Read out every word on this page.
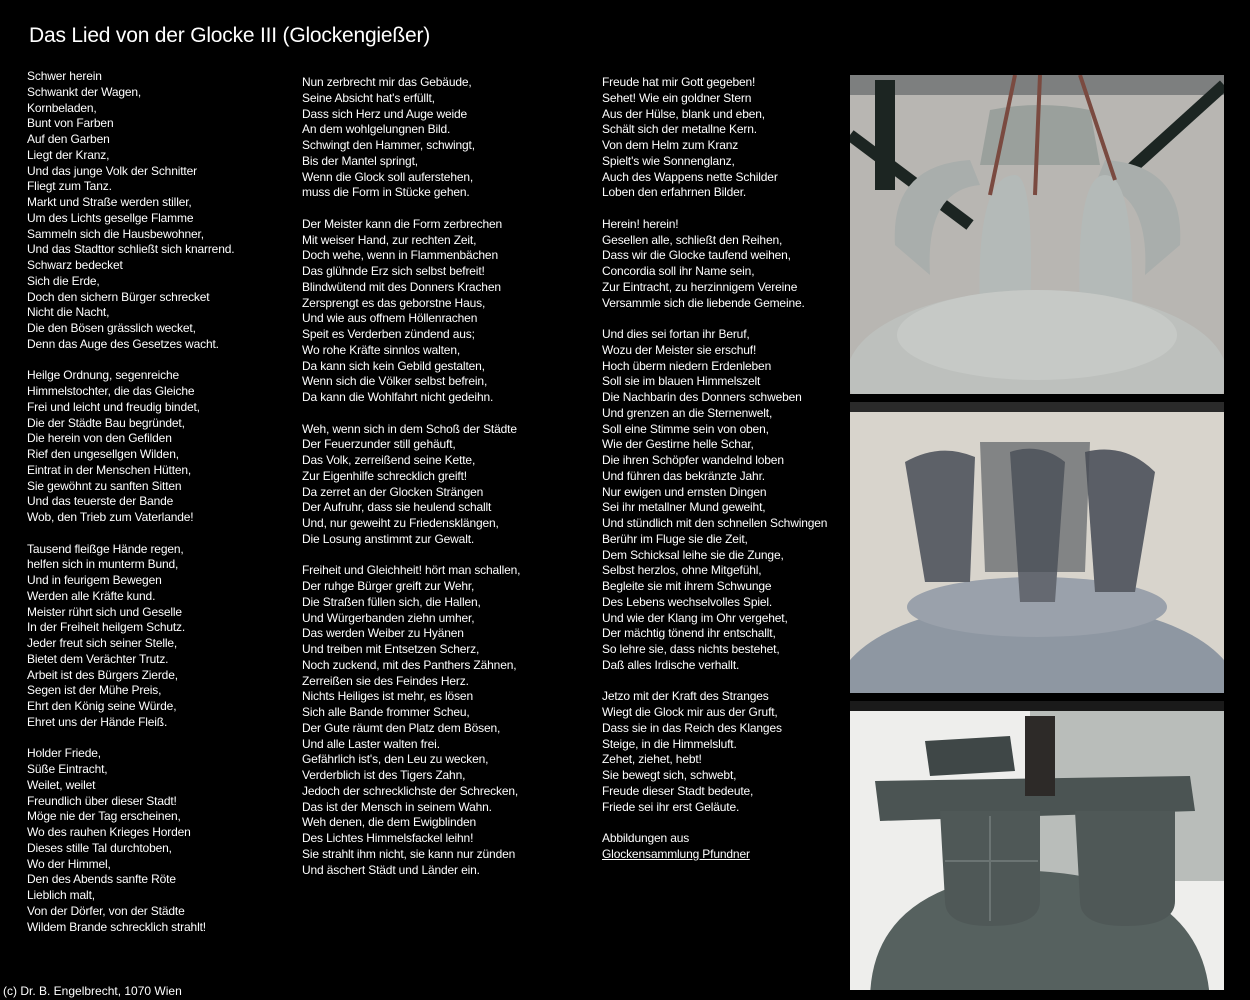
Das Lied von der Glocke III (Glockengießer)
Schwer herein
Schwankt der Wagen,
Kornbeladen,
Bunt von Farben
Auf den Garben
Liegt der Kranz,
Und das junge Volk der Schnitter
Fliegt zum Tanz.
Markt und Straße werden stiller,
Um des Lichts gesellge Flamme
Sammeln sich die Hausbewohner,
Und das Stadttor schließt sich knarrend.
Schwarz bedecket
Sich die Erde,
Doch den sichern Bürger schrecket
Nicht die Nacht,
Die den Bösen grässlich wecket,
Denn das Auge des Gesetzes wacht.
Heilge Ordnung, segenreiche
Himmelstochter, die das Gleiche
Frei und leicht und freudig bindet,
Die der Städte Bau begründet,
Die herein von den Gefilden
Rief den ungesellgen Wilden,
Eintrat in der Menschen Hütten,
Sie gewöhnt zu sanften Sitten
Und das teuerste der Bande
Wob, den Trieb zum Vaterlande!
Tausend fleißge Hände regen,
helfen sich in munterm Bund,
Und in feurigem Bewegen
Werden alle Kräfte kund.
Meister rührt sich und Geselle
In der Freiheit heilgem Schutz.
Jeder freut sich seiner Stelle,
Bietet dem Verächter Trutz.
Arbeit ist des Bürgers Zierde,
Segen ist der Mühe Preis,
Ehrt den König seine Würde,
Ehret uns der Hände Fleiß.
Holder Friede,
Süße Eintracht,
Weilet, weilet
Freundlich über dieser Stadt!
Möge nie der Tag erscheinen,
Wo des rauhen Krieges Horden
Dieses stille Tal durchtoben,
Wo der Himmel,
Den des Abends sanfte Röte
Lieblich malt,
Von der Dörfer, von der Städte
Wildem Brande schrecklich strahlt!
Nun zerbrecht mir das Gebäude,
Seine Absicht hat's erfüllt,
Dass sich Herz und Auge weide
An dem wohlgelungnen Bild.
Schwingt den Hammer, schwingt,
Bis der Mantel springt,
Wenn die Glock soll auferstehen,
muss die Form in Stücke gehen.
Der Meister kann die Form zerbrechen
Mit weiser Hand, zur rechten Zeit,
Doch wehe, wenn in Flammenbächen
Das glühnde Erz sich selbst befreit!
Blindwütend mit des Donners Krachen
Zersprengt es das geborstne Haus,
Und wie aus offnem Höllenrachen
Speit es Verderben zündend aus;
Wo rohe Kräfte sinnlos walten,
Da kann sich kein Gebild gestalten,
Wenn sich die Völker selbst befrein,
Da kann die Wohlfahrt nicht gedeihn.
Weh, wenn sich in dem Schoß der Städte
Der Feuerzunder still gehäuft,
Das Volk, zerreißend seine Kette,
Zur Eigenhilfe schrecklich greift!
Da zerret an der Glocken Strängen
Der Aufruhr, dass sie heulend schallt
Und, nur geweiht zu Friedensklängen,
Die Losung anstimmt zur Gewalt.
Freiheit und Gleichheit! hört man schallen,
Der ruhge Bürger greift zur Wehr,
Die Straßen füllen sich, die Hallen,
Und Würgerbanden ziehn umher,
Das werden Weiber zu Hyänen
Und treiben mit Entsetzen Scherz,
Noch zuckend, mit des Panthers Zähnen,
Zerreißen sie des Feindes Herz.
Nichts Heiliges ist mehr, es lösen
Sich alle Bande frommer Scheu,
Der Gute räumt den Platz dem Bösen,
Und alle Laster walten frei.
Gefährlich ist's, den Leu zu wecken,
Verderblich ist des Tigers Zahn,
Jedoch der schrecklichste der Schrecken,
Das ist der Mensch in seinem Wahn.
Weh denen, die dem Ewigblinden
Des Lichtes Himmelsfackel leihn!
Sie strahlt ihm nicht, sie kann nur zünden
Und äschert Städt und Länder ein.
Freude hat mir Gott gegeben!
Sehet! Wie ein goldner Stern
Aus der Hülse, blank und eben,
Schält sich der metallne Kern.
Von dem Helm zum Kranz
Spielt's wie Sonnenglanz,
Auch des Wappens nette Schilder
Loben den erfahrnen Bilder.
Herein! herein!
Gesellen alle, schließt den Reihen,
Dass wir die Glocke taufend weihen,
Concordia soll ihr Name sein,
Zur Eintracht, zu herzinnigem Vereine
Versammle sich die liebende Gemeine.
Und dies sei fortan ihr Beruf,
Wozu der Meister sie erschuf!
Hoch überm niedern Erdenleben
Soll sie im blauen Himmelszelt
Die Nachbarin des Donners schweben
Und grenzen an die Sternenwelt,
Soll eine Stimme sein von oben,
Wie der Gestirne helle Schar,
Die ihren Schöpfer wandelnd loben
Und führen das bekränzte Jahr.
Nur ewigen und ernsten Dingen
Sei ihr metallner Mund geweiht,
Und stündlich mit den schnellen Schwingen
Berühr im Fluge sie die Zeit,
Dem Schicksal leihe sie die Zunge,
Selbst herzlos, ohne Mitgefühl,
Begleite sie mit ihrem Schwunge
Des Lebens wechselvolles Spiel.
Und wie der Klang im Ohr vergehet,
Der mächtig tönend ihr entschallt,
So lehre sie, dass nichts bestehet,
Daß alles Irdische verhallt.
Jetzo mit der Kraft des Stranges
Wiegt die Glock mir aus der Gruft,
Dass sie in das Reich des Klanges
Steige, in die Himmelsluft.
Zehet, ziehet, hebt!
Sie bewegt sich, schwebt,
Freude dieser Stadt bedeute,
Friede sei ihr erst Geläute.
Abbildungen aus
Glockensammlung Pfundner
(c) Dr. B. Engelbrecht, 1070 Wien
